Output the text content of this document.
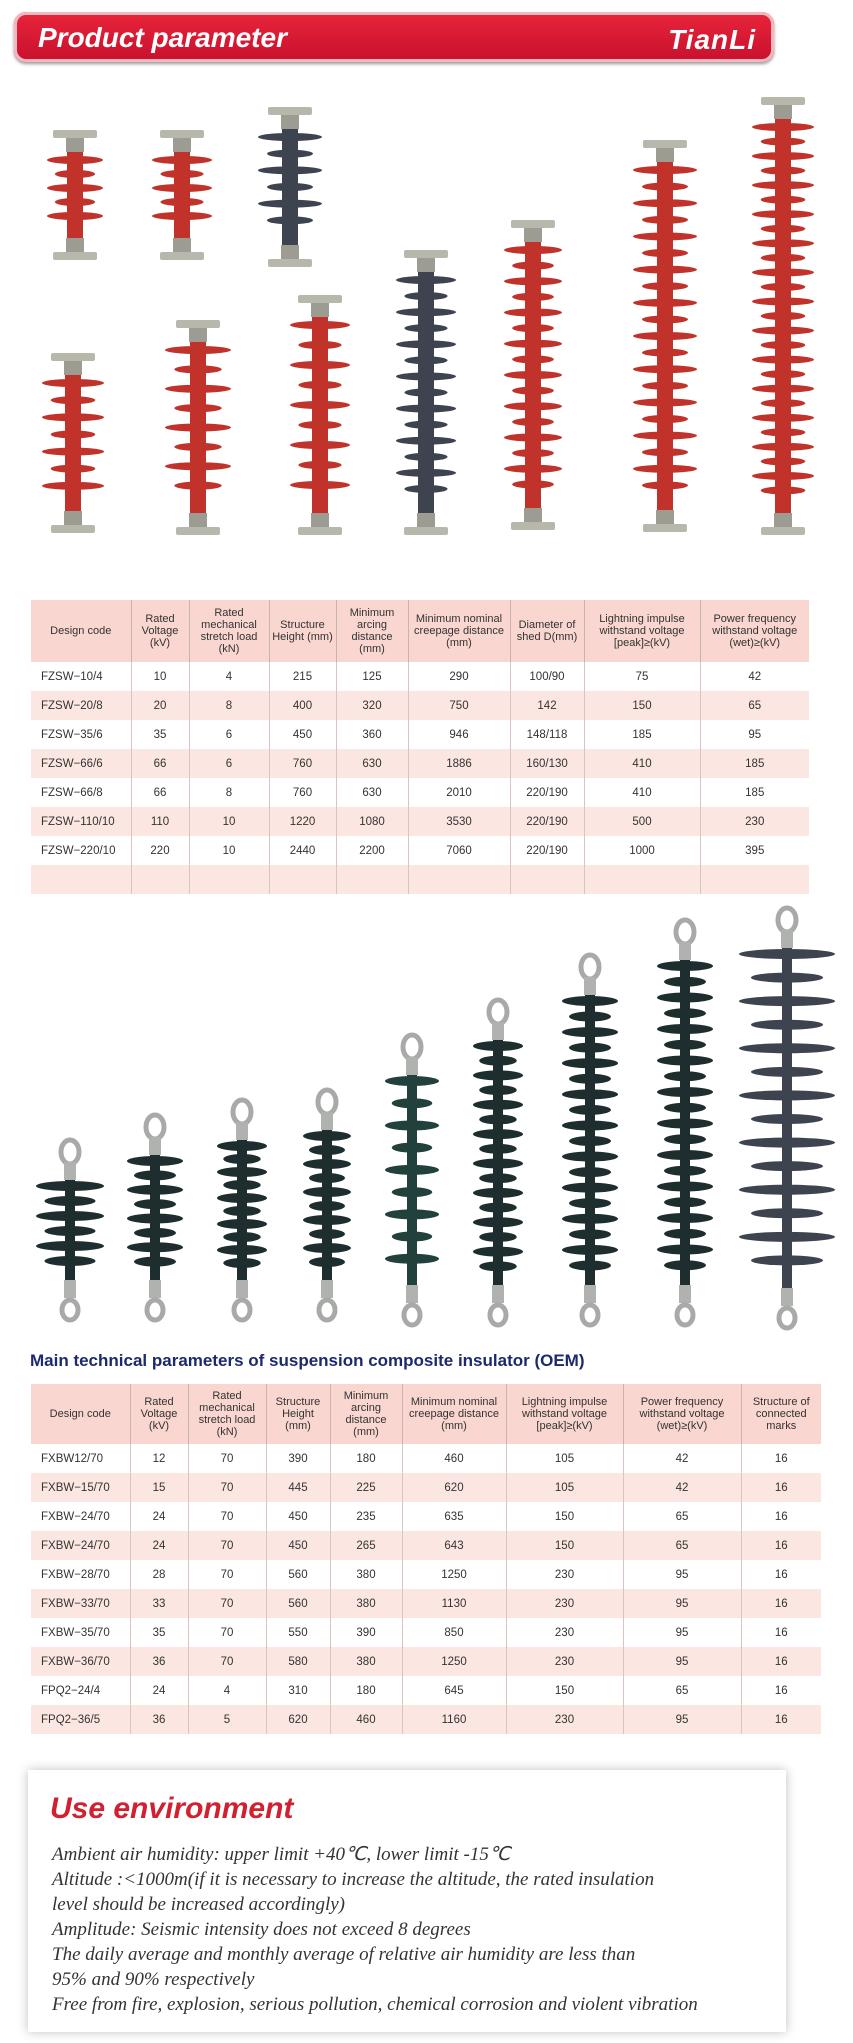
Product parameter	TianLi
Design code	Rated Voltage (kV)	Rated mechanical stretch load (kN)	Structure Height (mm)	Minimum arcing distance (mm)	Minimum nominal creepage distance (mm)	Diameter of shed D(mm)	Lightning impulse withstand voltage [peak]≥(kV)	Power frequency withstand voltage (wet)≥(kV)
FZSW−10/4	10	4	215	125	290	100/90	75	42
FZSW−20/8	20	8	400	320	750	142	150	65
FZSW−35/6	35	6	450	360	946	148/118	185	95
FZSW−66/6	66	6	760	630	1886	160/130	410	185
FZSW−66/8	66	8	760	630	2010	220/190	410	185
FZSW−110/10	110	10	1220	1080	3530	220/190	500	230
FZSW−220/10	220	10	2440	2200	7060	220/190	1000	395

Main technical parameters of suspension composite insulator (OEM)
Design code	Rated Voltage (kV)	Rated mechanical stretch load (kN)	Structure Height (mm)	Minimum arcing distance (mm)	Minimum nominal creepage distance (mm)	Lightning impulse withstand voltage [peak]≥(kV)	Power frequency withstand voltage (wet)≥(kV)	Structure of connected marks
FXBW12/70	12	70	390	180	460	105	42	16
FXBW−15/70	15	70	445	225	620	105	42	16
FXBW−24/70	24	70	450	235	635	150	65	16
FXBW−24/70	24	70	450	265	643	150	65	16
FXBW−28/70	28	70	560	380	1250	230	95	16
FXBW−33/70	33	70	560	380	1130	230	95	16
FXBW−35/70	35	70	550	390	850	230	95	16
FXBW−36/70	36	70	580	380	1250	230	95	16
FPQ2−24/4	24	4	310	180	645	150	65	16
FPQ2−36/5	36	5	620	460	1160	230	95	16
Use environment
Ambient air humidity: upper limit +40℃, lower limit -15℃
Altitude :<1000m(if it is necessary to increase the altitude, the rated insulation
level should be increased accordingly)
Amplitude: Seismic intensity does not exceed 8 degrees
The daily average and monthly average of relative air humidity are less than
95% and 90% respectively
Free from fire, explosion, serious pollution, chemical corrosion and violent vibration
